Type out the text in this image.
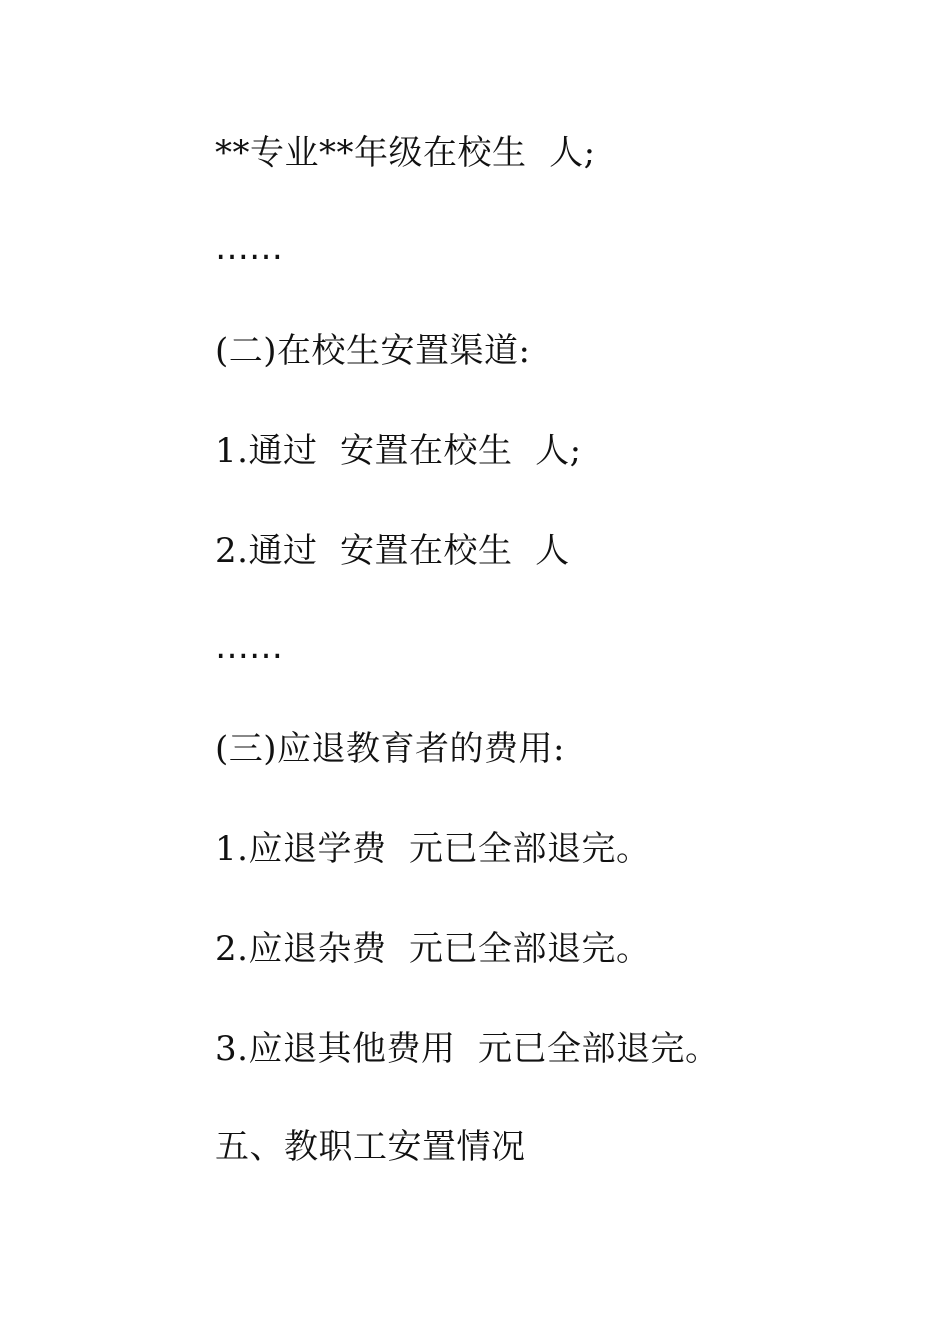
**专业**年级在校生  人;
……
(二)在校生安置渠道:
1.通过  安置在校生  人;
2.通过  安置在校生  人
……
(三)应退教育者的费用:
1.应退学费  元已全部退完。
2.应退杂费  元已全部退完。
3.应退其他费用  元已全部退完。
五、教职工安置情况
